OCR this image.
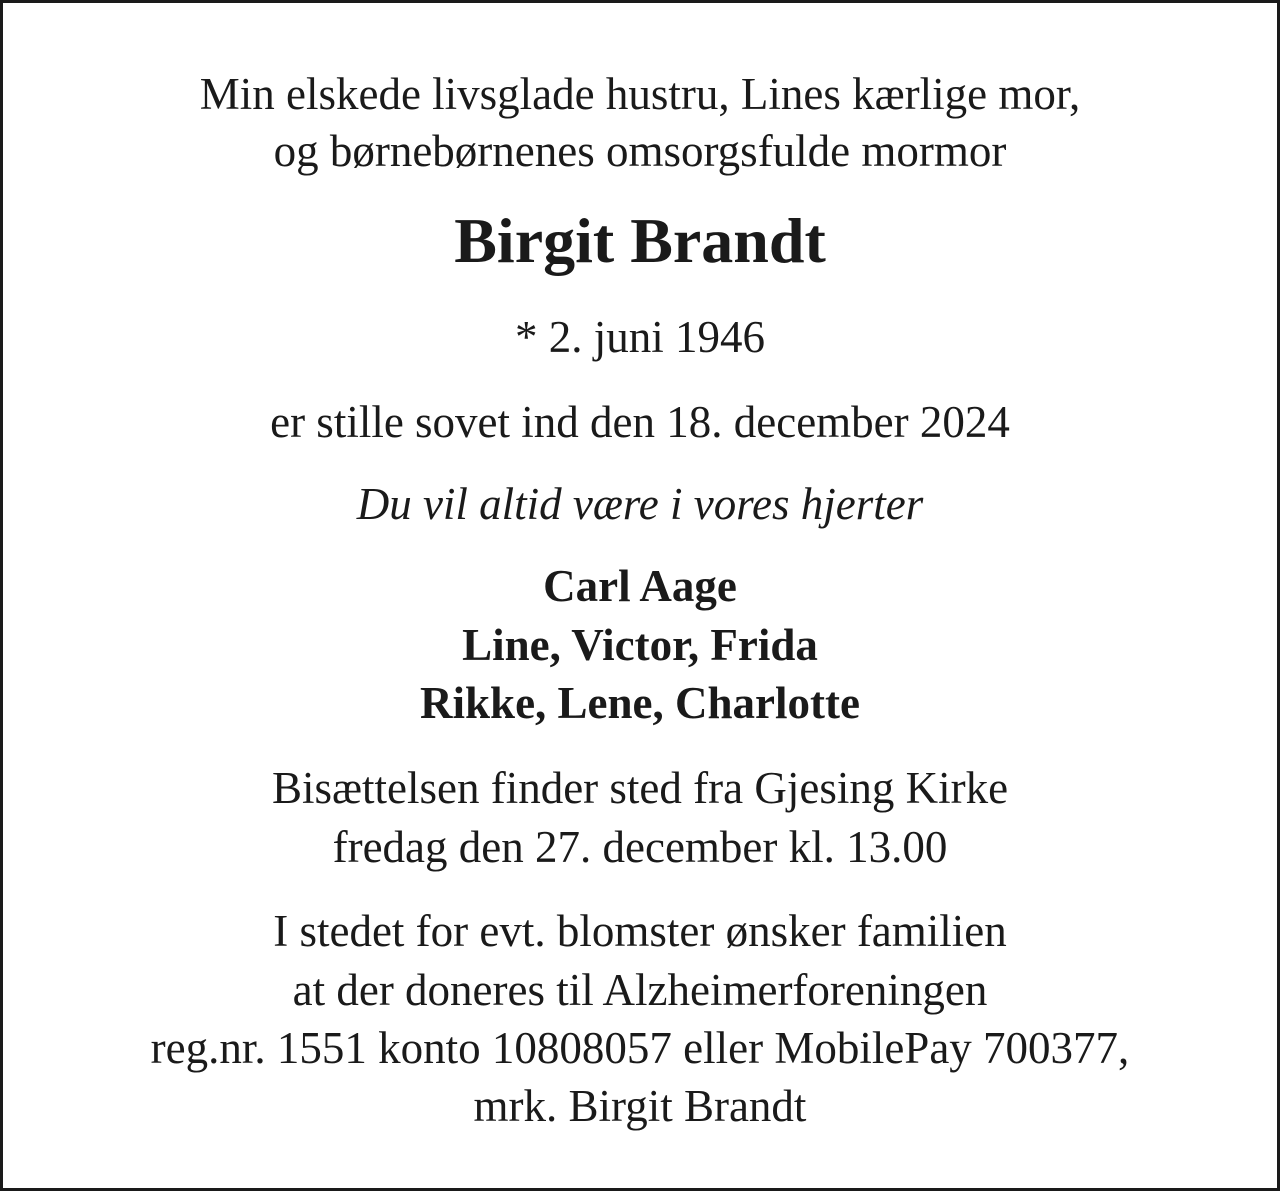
Min elskede livsglade hustru, Lines kærlige mor,
og børnebørnenes omsorgsfulde mormor
Birgit Brandt
* 2. juni 1946
er stille sovet ind den 18. december 2024
Du vil altid være i vores hjerter
Carl Aage
Line, Victor, Frida
Rikke, Lene, Charlotte
Bisættelsen finder sted fra Gjesing Kirke
fredag den 27. december kl. 13.00
I stedet for evt. blomster ønsker familien
at der doneres til Alzheimerforeningen
reg.nr. 1551 konto 10808057 eller MobilePay 700377,
mrk. Birgit Brandt
